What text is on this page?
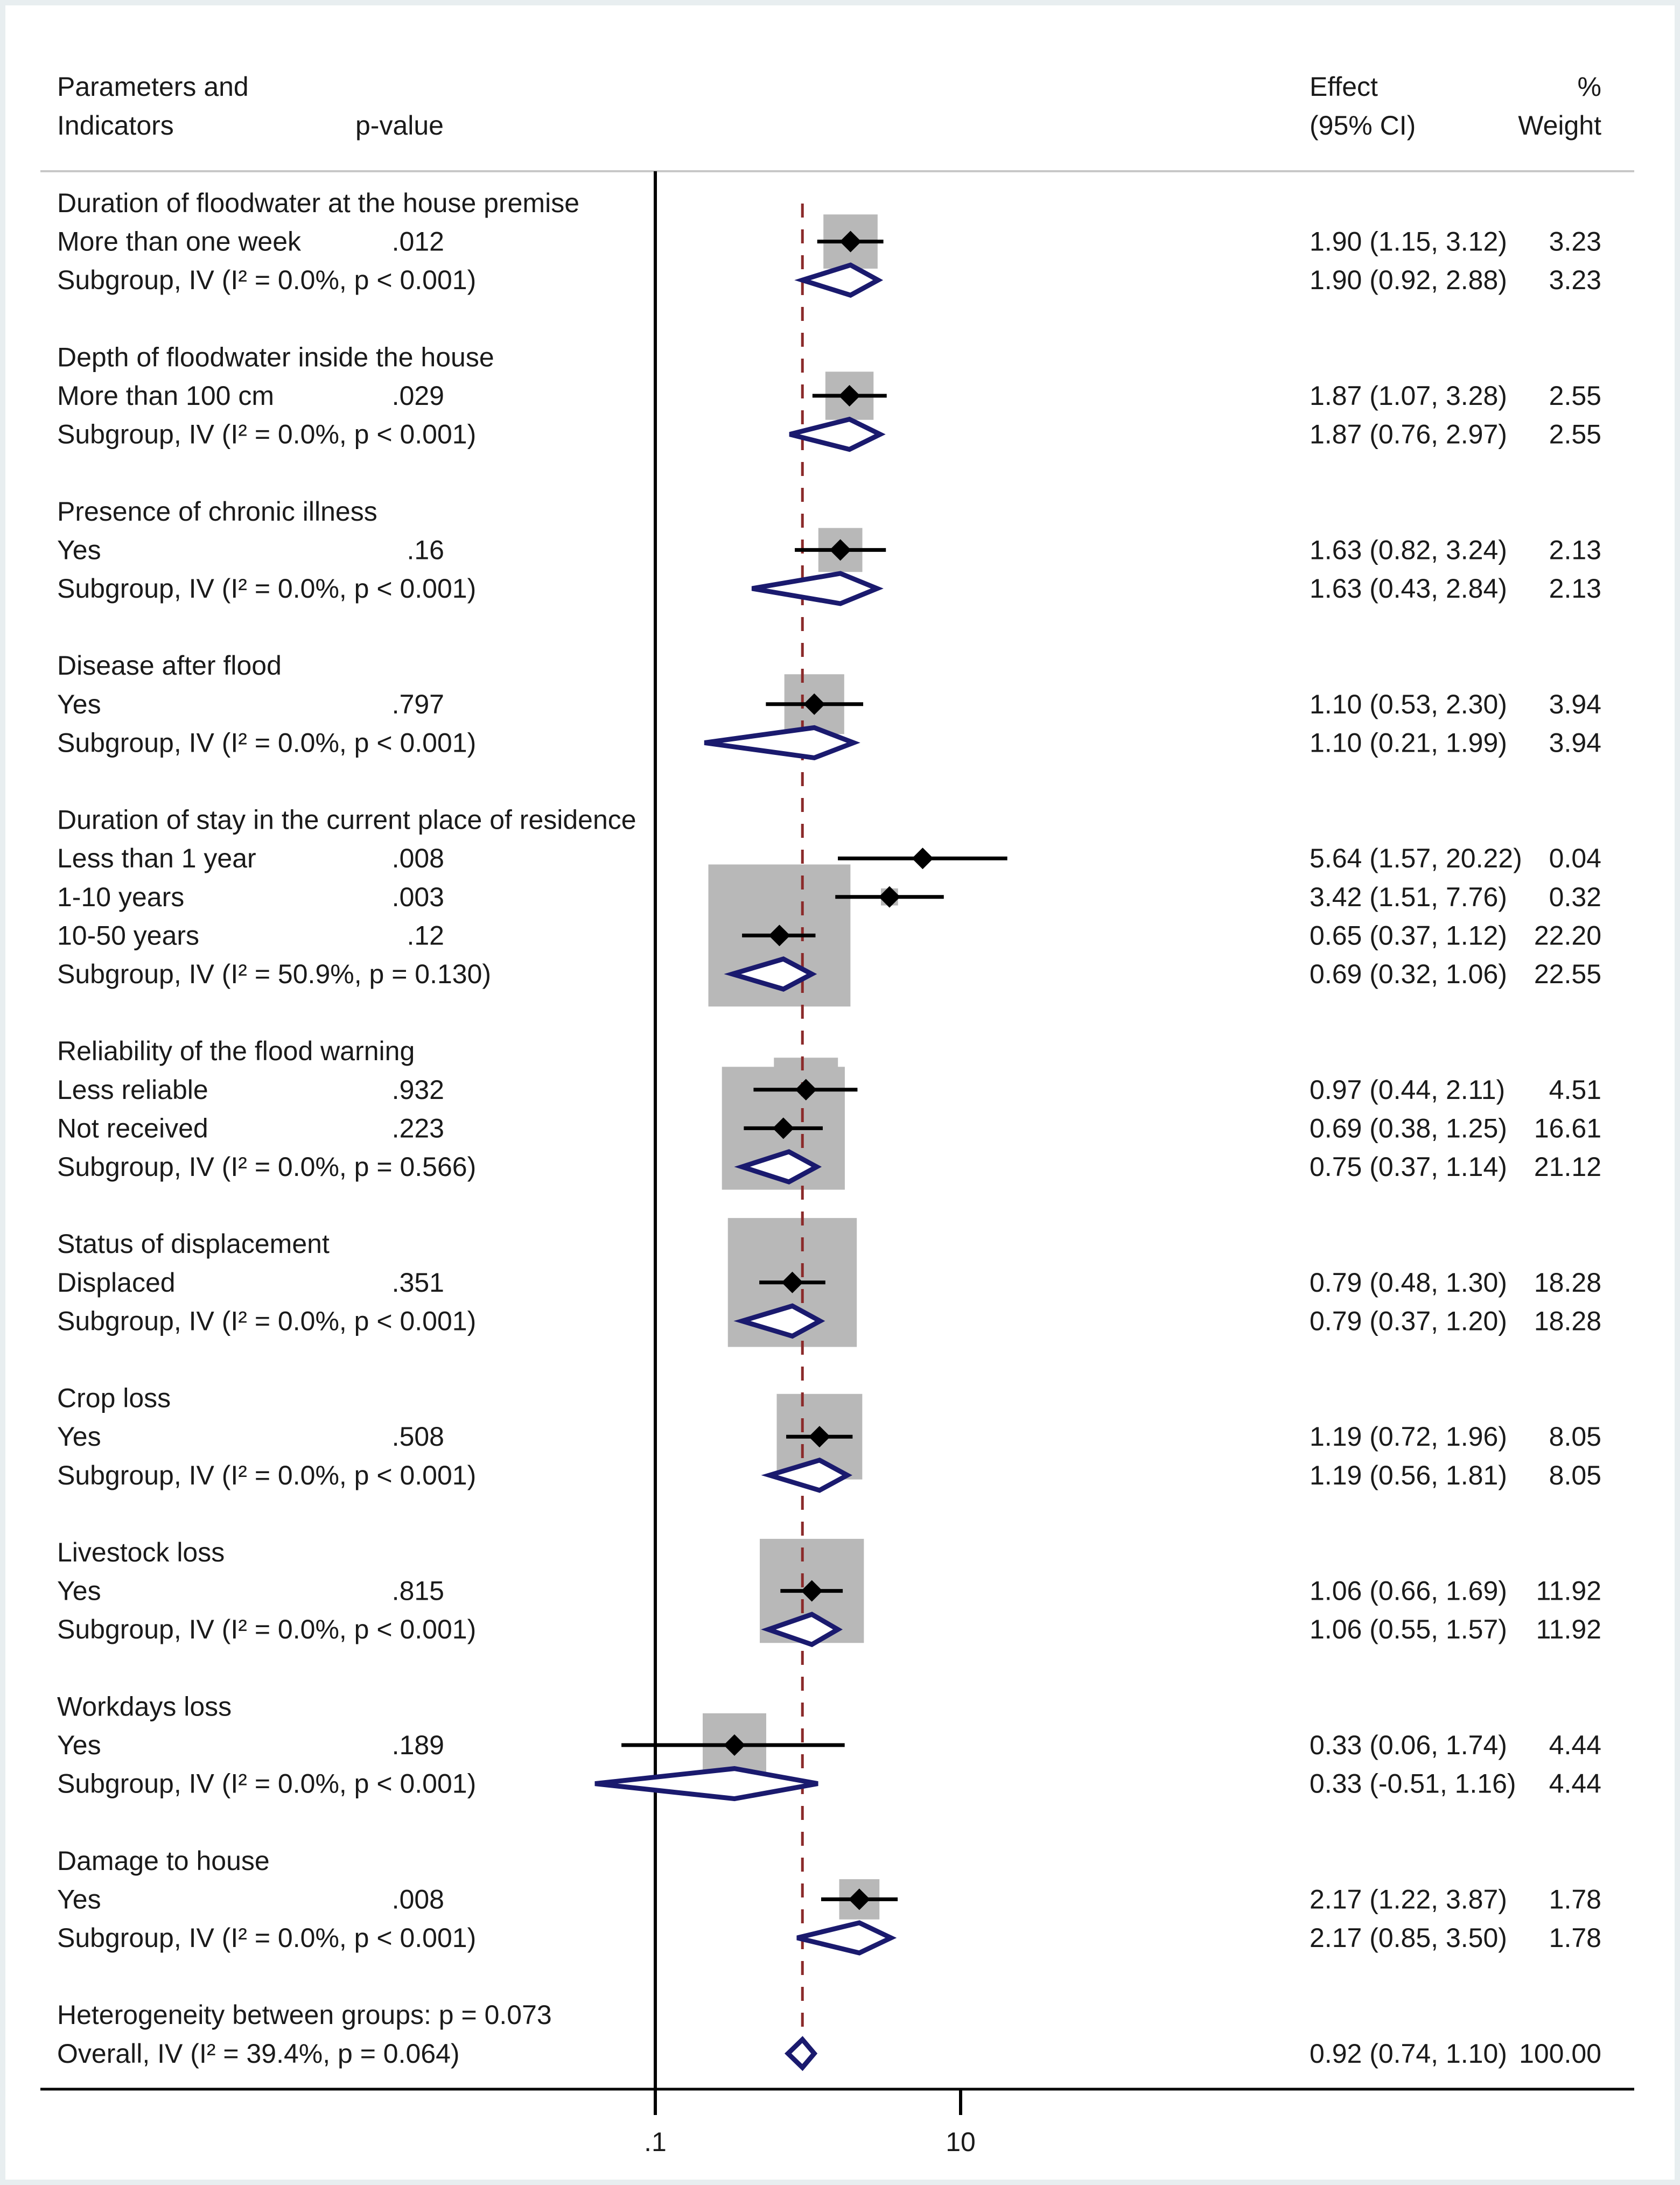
Parameters and
Indicators	p-value
Effect
(95% CI)
%
Weight
Duration of floodwater at the house premise
More than one week	.012	1.90 (1.15, 3.12) 3.23
Subgroup, IV (I² = 0.0%, p < 0.001)	1.90 (0.92, 2.88) 3.23
Depth of floodwater inside the house
More than 100 cm	.029	1.87 (1.07, 3.28) 2.55
Subgroup, IV (I² = 0.0%, p < 0.001)	1.87 (0.76, 2.97) 2.55
Presence of chronic illness
Yes	.16	1.63 (0.82, 3.24) 2.13
Subgroup, IV (I² = 0.0%, p < 0.001)	1.63 (0.43, 2.84) 2.13
Disease after flood
Yes	.797	1.10 (0.53, 2.30) 3.94
Subgroup, IV (I² = 0.0%, p < 0.001)	1.10 (0.21, 1.99) 3.94
Duration of stay in the current place of residence
Less than 1 year	.008	5.64 (1.57, 20.22) 0.04
1-10 years	.003	3.42 (1.51, 7.76) 0.32
10-50 years	.12	0.65 (0.37, 1.12) 22.20
Subgroup, IV (I² = 50.9%, p = 0.130)	0.69 (0.32, 1.06) 22.55
Reliability of the flood warning
Less reliable	.932	0.97 (0.44, 2.11) 4.51
Not received	.223	0.69 (0.38, 1.25) 16.61
Subgroup, IV (I² = 0.0%, p = 0.566)	0.75 (0.37, 1.14) 21.12
Status of displacement
Displaced	.351	0.79 (0.48, 1.30) 18.28
Subgroup, IV (I² = 0.0%, p < 0.001)	0.79 (0.37, 1.20) 18.28
Crop loss
Yes	.508	1.19 (0.72, 1.96) 8.05
Subgroup, IV (I² = 0.0%, p < 0.001)	1.19 (0.56, 1.81) 8.05
Livestock loss
Yes	.815	1.06 (0.66, 1.69) 11.92
Subgroup, IV (I² = 0.0%, p < 0.001)	1.06 (0.55, 1.57) 11.92
Workdays loss
Yes	.189	0.33 (0.06, 1.74) 4.44
Subgroup, IV (I² = 0.0%, p < 0.001)	0.33 (-0.51, 1.16) 4.44
Damage to house
Yes	.008	2.17 (1.22, 3.87) 1.78
Subgroup, IV (I² = 0.0%, p < 0.001)	2.17 (0.85, 3.50) 1.78
Heterogeneity between groups: p = 0.073
Overall, IV (I² = 39.4%, p = 0.064)	0.92 (0.74, 1.10) 100.00
.1	10
